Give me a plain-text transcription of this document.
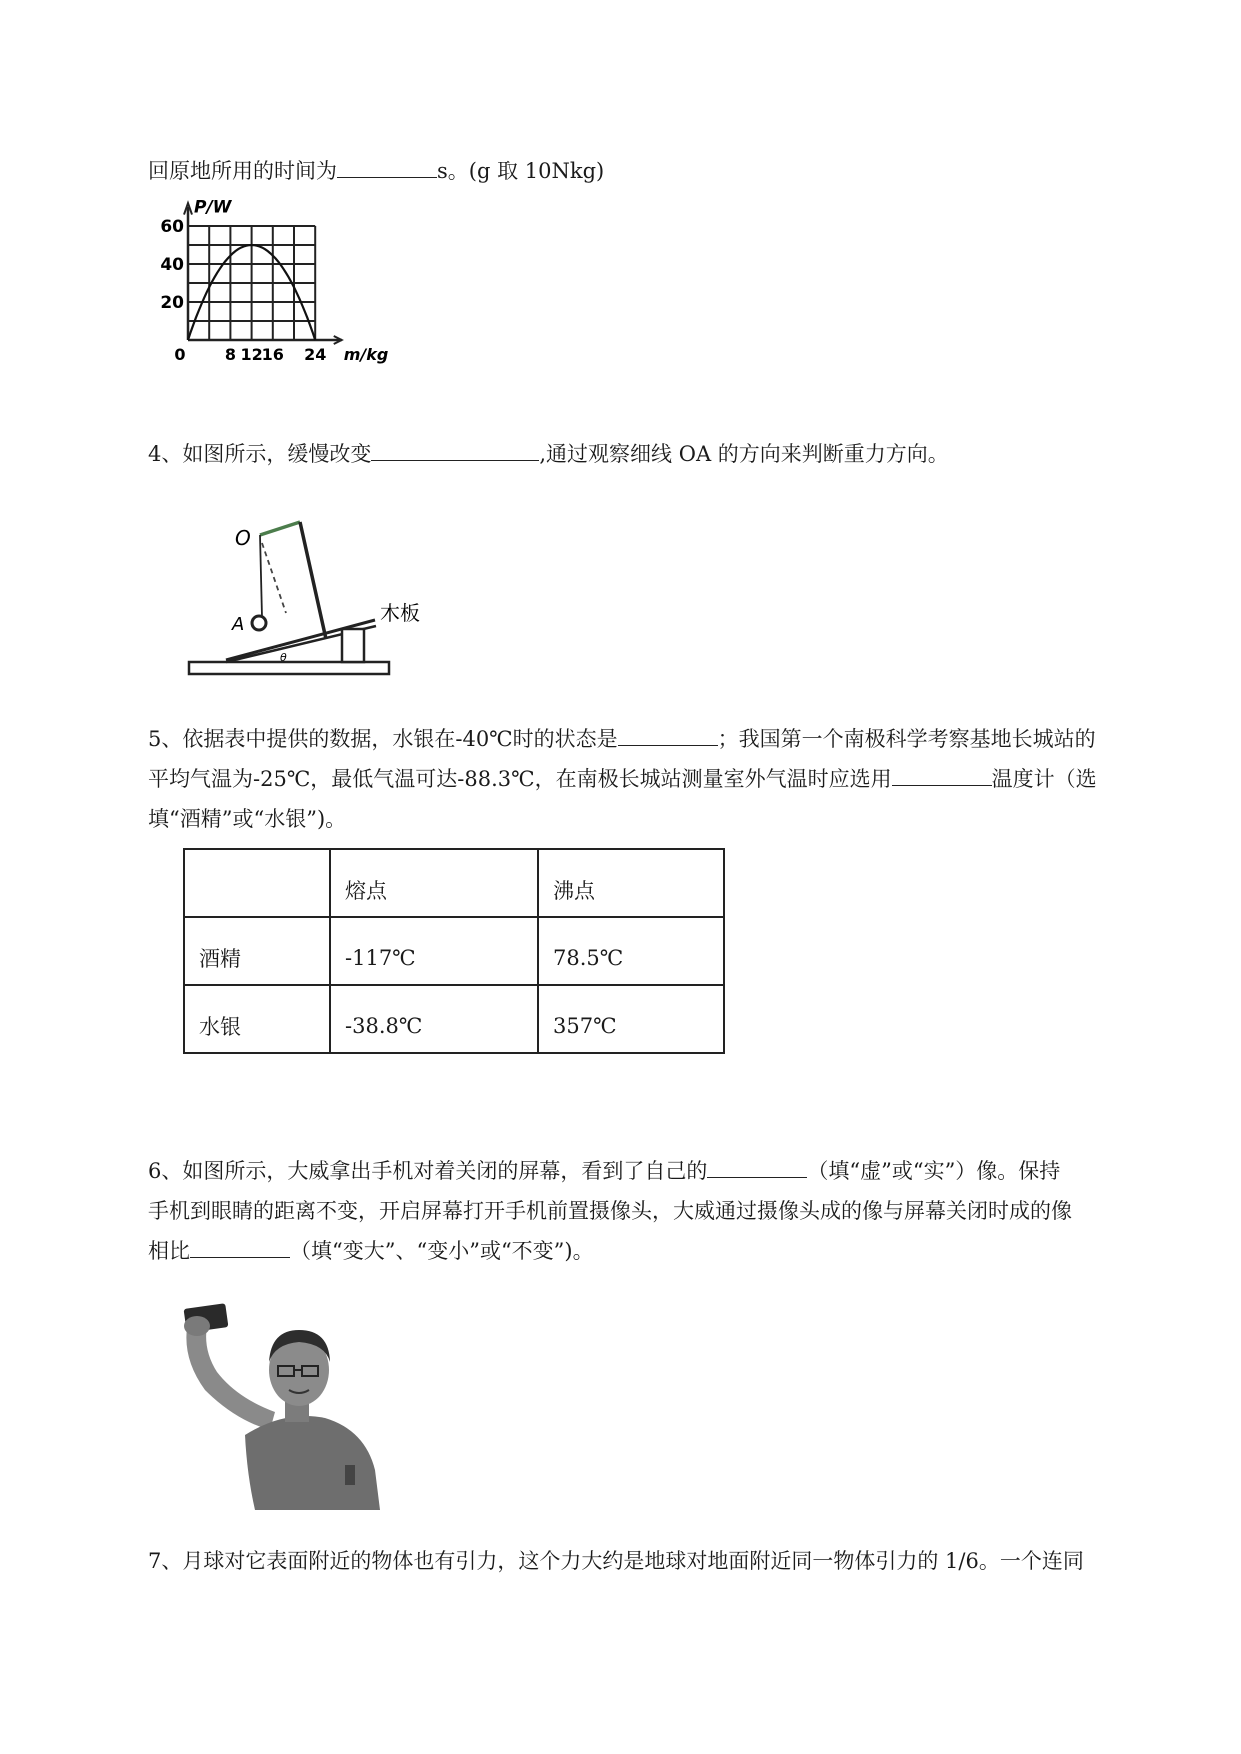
回原地所用的时间为	s。(g 取 10Nkg)
60
40
20
0 8 12
16 24
P/W
m/kg
4、如图所示，缓慢改变	,通过观察细线 OA 的方向来判断重力方向。
O
A	木板
θ
5、依据表中提供的数据，水银在-40℃时的状态是	；我国第一个南极科学考察基地长城站的
平均气温为-25℃，最低气温可达-88.3℃，在南极长城站测量室外气温时应选用	温度计（选
填“酒精”或“水银”)。
	熔点	沸点
酒精	-117℃	78.5℃
水银	-38.8℃	357℃
6、如图所示，大威拿出手机对着关闭的屏幕，看到了自己的	（填“虚”或“实”）像。保持
手机到眼睛的距离不变，开启屏幕打开手机前置摄像头，大威通过摄像头成的像与屏幕关闭时成的像
相比	（填“变大”、“变小”或“不变”)。
7、月球对它表面附近的物体也有引力，这个力大约是地球对地面附近同一物体引力的 1/6。一个连同
